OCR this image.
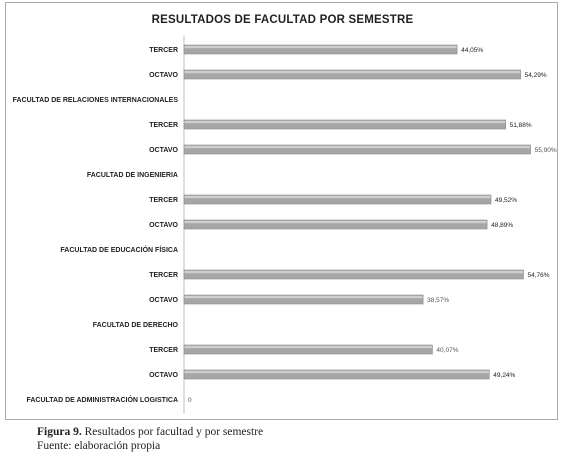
RESULTADOS DE FACULTAD POR SEMESTRE
TERCER	44,05%
OCTAVO	54,29%
FACULTAD DE RELACIONES INTERNACIONALES
TERCER	51,88%
OCTAVO	55,90%
FACULTAD DE INGENIERIA
TERCER	49,52%
OCTAVO	48,89%
FACULTAD DE EDUCACIÓN FÍSICA
TERCER	54,76%
OCTAVO	38,57%
FACULTAD DE DERECHO
TERCER	40,07%
OCTAVO	49,24%
FACULTAD DE ADMINISTRACIÓN LOGISTICA 0
Figura 9. Resultados por facultad y por semestre
Fuente: elaboración propia
